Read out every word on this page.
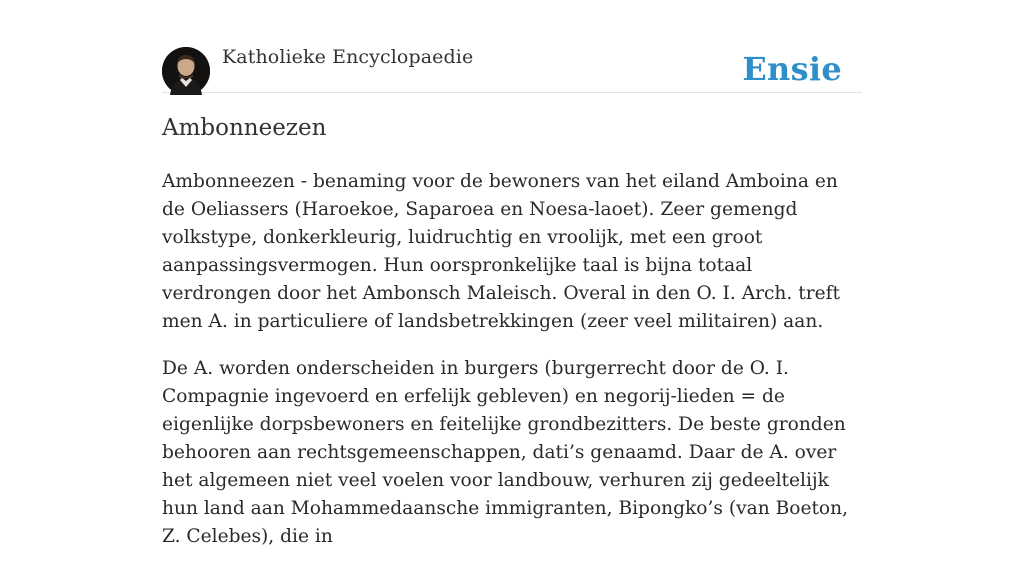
Katholieke Encyclopaedie	Ensie
Ambonneezen

Ambonneezen - benaming voor de bewoners van het eiland Amboina en de Oeliassers (Haroekoe, Saparoea en Noesa-laoet). Zeer gemengd volkstype, donkerkleurig, luidruchtig en vroolijk, met een groot aanpassingsvermogen. Hun oorspronkelijke taal is bijna totaal verdrongen door het Ambonsch Maleisch. Overal in den O. I. Arch. treft men A. in particuliere of landsbetrekkingen (zeer veel militairen) aan.

De A. worden onderscheiden in burgers (burgerrecht door de O. I. Compagnie ingevoerd en erfelijk gebleven) en negorij-lieden = de eigenlijke dorpsbewoners en feitelijke grondbezitters. De beste gronden behooren aan rechtsgemeenschappen, dati’s genaamd. Daar de A. over het algemeen niet veel voelen voor landbouw, verhuren zij gedeeltelijk hun land aan Mohammedaansche immigranten, Bipongko’s (van Boeton, Z. Celebes), die in
